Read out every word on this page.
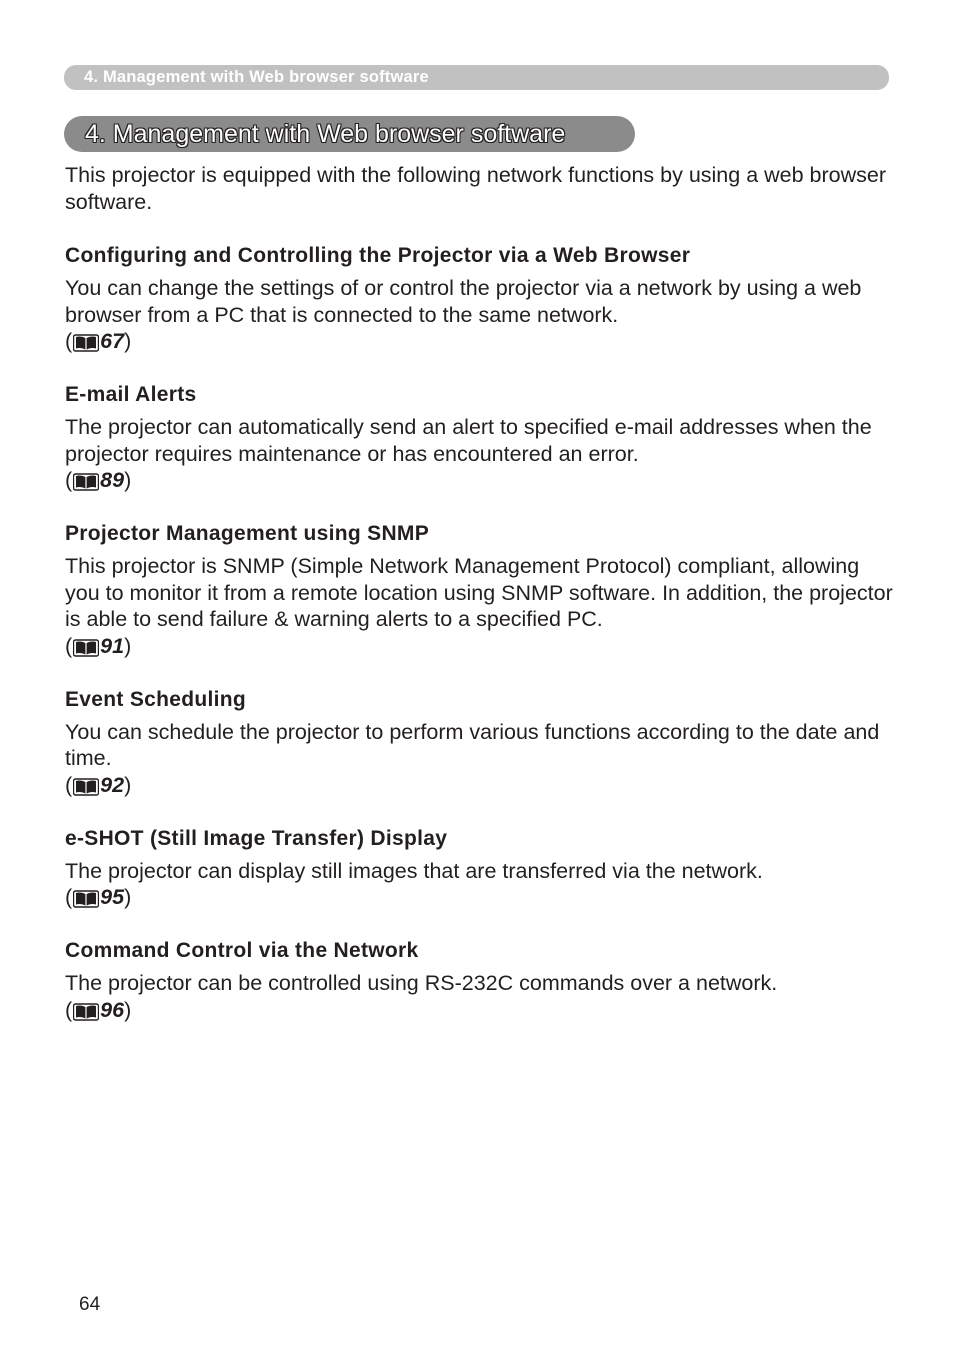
4. Management with Web browser software
4. Management with Web browser software

This projector is equipped with the following network functions by using a web browser software.

Configuring and Controlling the Projector via a Web Browser

You can change the settings of or control the projector via a network by using a web browser from a PC that is connected to the same network.

( 67 )
E-mail Alerts

The projector can automatically send an alert to specified e-mail addresses when the projector requires maintenance or has encountered an error.

( 89 )
Projector Management using SNMP

This projector is SNMP (Simple Network Management Protocol) compliant, allowing you to monitor it from a remote location using SNMP software. In addition, the projector is able to send failure & warning alerts to a specified PC.

( 91 )
Event Scheduling

You can schedule the projector to perform various functions according to the date and time.

( 92 )
e-SHOT (Still Image Transfer) Display

The projector can display still images that are transferred via the network.

( 95 )
Command Control via the Network

The projector can be controlled using RS-232C commands over a network.

( 96 )
64
